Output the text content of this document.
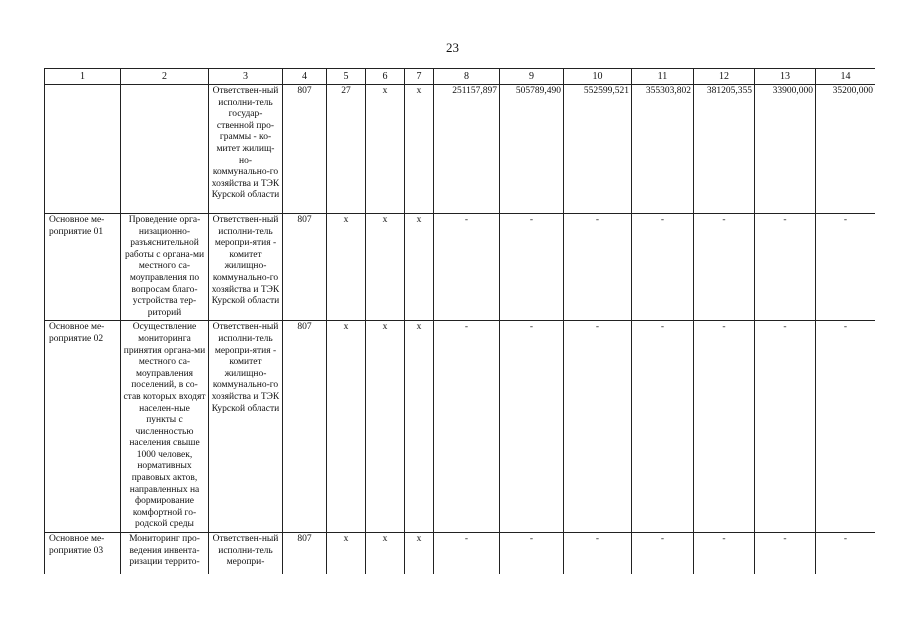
23
1	2	3	4	5	6	7	8	9	10	11	12	13	14
		Ответствен-ный исполни-тель государ-ственной про-граммы - ко-митет жилищ-но-коммунально-го хозяйства и ТЭК Курской области	807	27	х	х	251157,897	505789,490	552599,521	355303,802	381205,355	33900,000	35200,000
Основное ме-роприятие 01	Проведение орга-низационно-разъяснительной работы с органа-ми местного са-моуправления по вопросам благо-устройства тер-риторий	Ответствен-ный исполни-тель меропри-ятия - комитет жилищно-коммунально-го хозяйства и ТЭК Курской области	807	х	х	х	-	-	-	-	-	-	-
Основное ме-роприятие 02	Осуществление мониторинга принятия органа-ми местного са-моуправления поселений, в со-став которых входят населен-ные пункты с численностью населения свыше 1000 человек, нормативных правовых актов, направленных на формирование комфортной го-родской среды	Ответствен-ный исполни-тель меропри-ятия - комитет жилищно-коммунально-го хозяйства и ТЭК Курской области	807	х	х	х	-	-	-	-	-	-	-
Основное ме-роприятие 03	Мониторинг про-ведения инвента-ризации террито-	Ответствен-ный исполни-тель меропри-	807	х	х	х	-	-	-	-	-	-	-
